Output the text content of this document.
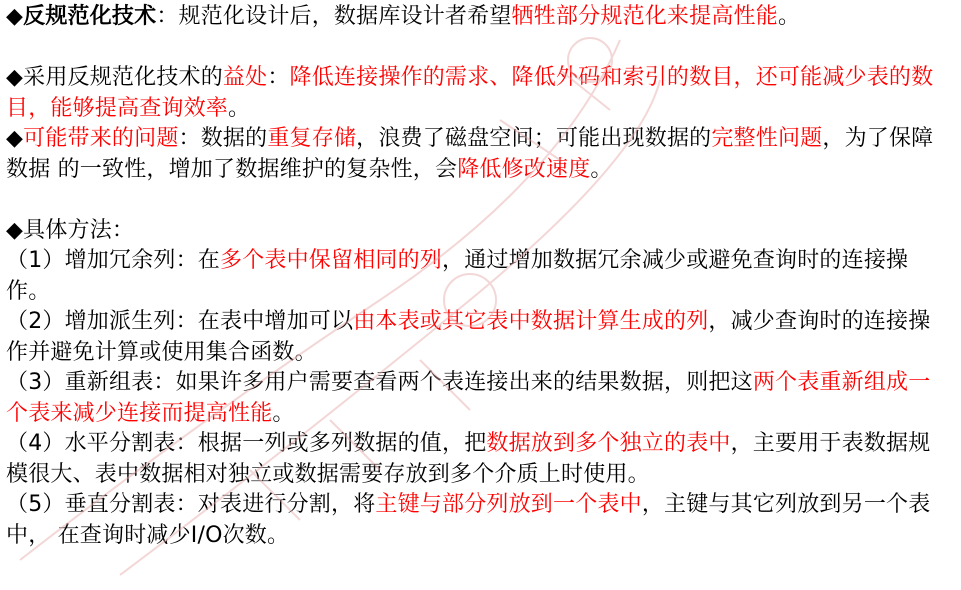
◆反规范化技术：规范化设计后，数据库设计者希望牺牲部分规范化来提高性能。

◆采用反规范化技术的益处：降低连接操作的需求、降低外码和索引的数目，还可能减少表的数目，能够提高查询效率。

◆可能带来的问题：数据的重复存储，浪费了磁盘空间；可能出现数据的完整性问题，为了保障数据 的一致性，增加了数据维护的复杂性，会降低修改速度。

◆具体方法：

（1）增加冗余列：在多个表中保留相同的列，通过增加数据冗余减少或避免查询时的连接操作。

（2）增加派生列：在表中增加可以由本表或其它表中数据计算生成的列，减少查询时的连接操作并避免计算或使用集合函数。

（3）重新组表：如果许多用户需要查看两个表连接出来的结果数据，则把这两个表重新组成一个表来减少连接而提高性能。

（4）水平分割表：根据一列或多列数据的值，把数据放到多个独立的表中，主要用于表数据规模很大、表中数据相对独立或数据需要存放到多个介质上时使用。

（5）垂直分割表：对表进行分割，将主键与部分列放到一个表中，主键与其它列放到另一个表中， 在查询时减少I/O次数。
